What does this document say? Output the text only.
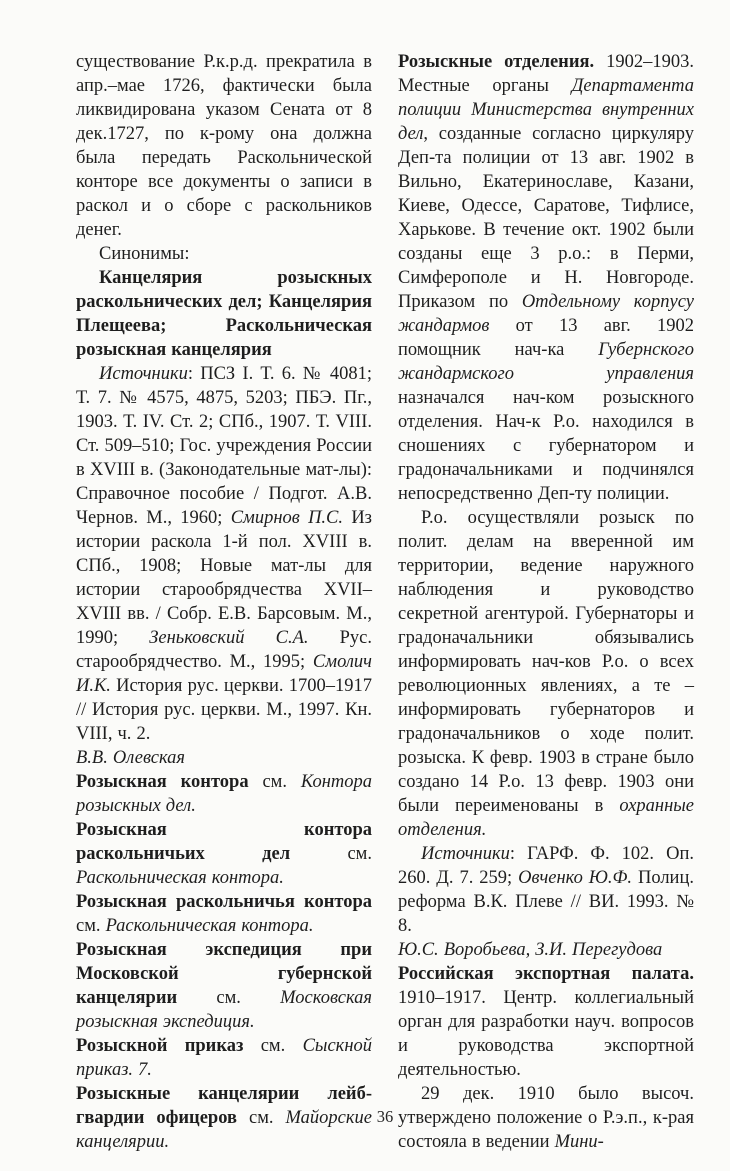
существование Р.к.р.д. прекратила в апр.–мае 1726, фактически была ликвидирована указом Сената от 8 дек.1727, по к-рому она должна была передать Раскольнической конторе все документы о записи в раскол и о сборе с раскольников денег.

Синонимы:

Канцелярия розыскных раскольнических дел; Канцелярия Плещеева; Раскольническая розыскная канцелярия

Источники: ПСЗ I. Т. 6. № 4081; Т. 7. № 4575, 4875, 5203; ПБЭ. Пг., 1903. Т. IV. Ст. 2; СПб., 1907. Т. VIII. Ст. 509–510; Гос. учреждения России в XVIII в. (Законодательные мат-лы): Справочное пособие / Подгот. А.В. Чернов. М., 1960; Смирнов П.С. Из истории раскола 1-й пол. XVIII в. СПб., 1908; Новые мат-лы для истории старообрядчества XVII–XVIII вв. / Собр. Е.В. Барсовым. М., 1990; Зеньковский С.А. Рус. старообрядчество. М., 1995; Смолич И.К. История рус. церкви. 1700–1917 // История рус. церкви. М., 1997. Кн. VIII, ч. 2.

В.В. Олевская

Розыскная контора см. Контора розыскных дел.

Розыскная контора раскольничьих дел см. Раскольническая контора.

Розыскная раскольничья контора см. Раскольническая контора.

Розыскная экспедиция при Московской губернской канцелярии см. Московская розыскная экспедиция.

Розыскной приказ см. Сыскной приказ. 7.

Розыскные канцелярии лейб-гвардии офицеров см. Майорские канцелярии.

Розыскные отделения. 1902–1903. Местные органы Департамента полиции Министерства внутренних дел, созданные согласно циркуляру Деп-та полиции от 13 авг. 1902 в Вильно, Екатеринославе, Казани, Киеве, Одессе, Саратове, Тифлисе, Харькове. В течение окт. 1902 были созданы еще 3 р.о.: в Перми, Симферополе и Н. Новгороде. Приказом по Отдельному корпусу жандармов от 13 авг. 1902 помощник нач-ка Губернского жандармского управления назначался нач-ком розыскного отделения. Нач-к Р.о. находился в сношениях с губернатором и градоначальниками и подчинялся непосредственно Деп-ту полиции.

Р.о. осуществляли розыск по полит. делам на вверенной им территории, ведение наружного наблюдения и руководство секретной агентурой. Губернаторы и градоначальники обязывались информировать нач-ков Р.о. о всех революционных явлениях, а те – информировать губернаторов и градоначальников о ходе полит. розыска. К февр. 1903 в стране было создано 14 Р.о. 13 февр. 1903 они были переименованы в охранные отделения.

Источники: ГАРФ. Ф. 102. Оп. 260. Д. 7. 259; Овченко Ю.Ф. Полиц. реформа В.К. Плеве // ВИ. 1993. № 8.

Ю.С. Воробьева, З.И. Перегудова

Российская экспортная палата. 1910–1917. Центр. коллегиальный орган для разработки науч. вопросов и руководства экспортной деятельностью.

29 дек. 1910 было высоч. утверждено положение о Р.э.п., к-рая состояла в ведении Мини-

36
